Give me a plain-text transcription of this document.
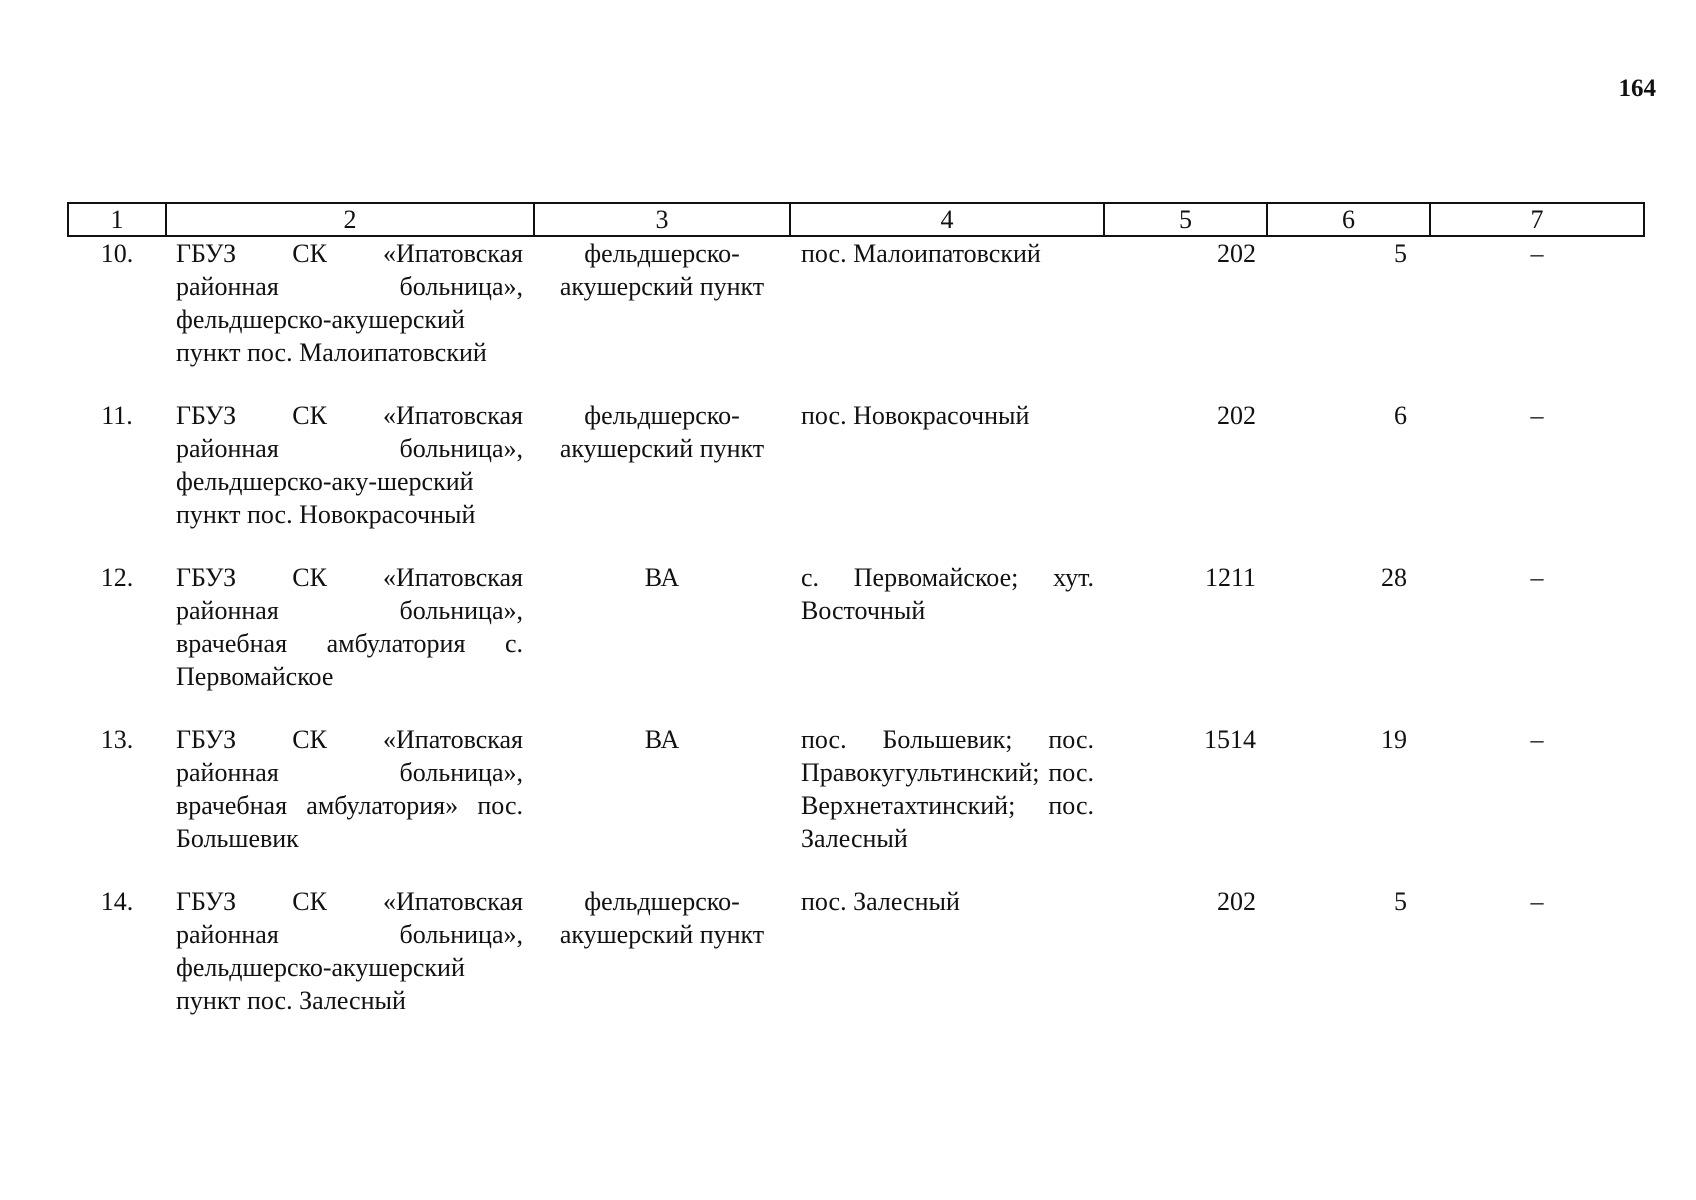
164
1	2	3	4	5	6	7
10.	ГБУЗ СК «Ипатовская районная больница», фельдшерско-акушерский пункт пос. Малоипатовский	фельдшерско-акушерский пункт	пос. Малоипатовский	202	5	–
11.	ГБУЗ СК «Ипатовская районная больница», фельдшерско-аку-шерский пункт пос. Новокрасочный	фельдшерско-акушерский пункт	пос. Новокрасочный	202	6	–
12.	ГБУЗ СК «Ипатовская районная больница», врачебная амбулатория с. Первомайское	ВА	с. Первомайское; хут. Восточный	1211	28	–
13.	ГБУЗ СК «Ипатовская районная больница», врачебная амбулатория» пос. Большевик	ВА	пос. Большевик; пос. Правокугультинский; пос. Верхнетахтинский; пос. Залесный	1514	19	–
14.	ГБУЗ СК «Ипатовская районная больница», фельдшерско-акушерский пункт пос. Залесный	фельдшерско-акушерский пункт	пос. Залесный	202	5	–
